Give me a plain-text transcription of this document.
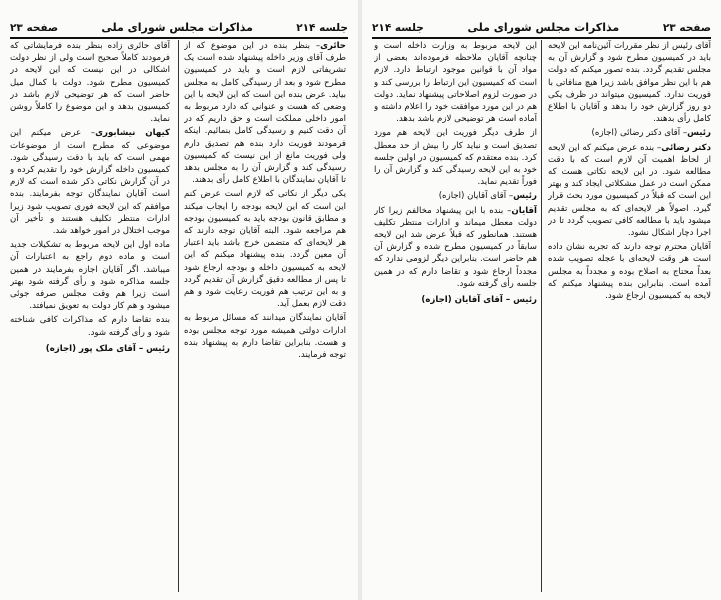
جلسه ۲۱۴
مذاکرات مجلس شورای ملی
صفحه ۲۳

حائری– بنظر بنده در این موضوع که از طرف آقای وزیر داخله پیشنهاد شده است یک تشریفاتی لازم است و باید در کمیسیون مطرح شود و بعد از رسیدگی کامل به مجلس بیاید. عرض بنده این است که این لایحه با این وضعی که هست و عنوانی که دارد مربوط به امور داخلی مملکت است و حق داریم که در آن دقت کنیم و رسیدگی کامل بنمائیم. اینکه فرمودند فوریت دارد بنده هم تصدیق دارم ولی فوریت مانع از این نیست که کمیسیون رسیدگی کند و گزارش آن را به مجلس بدهد تا آقایان نمایندگان با اطلاع کامل رأی بدهند.

یکی دیگر از نکاتی که لازم است عرض کنم این است که این لایحه بودجه را ایجاب میکند و مطابق قانون بودجه باید به کمیسیون بودجه هم مراجعه شود. البته آقایان توجه دارند که هر لایحه‌ای که متضمن خرج باشد باید اعتبار آن معین گردد. بنده پیشنهاد میکنم که این لایحه به کمیسیون داخله و بودجه ارجاع شود تا پس از مطالعه دقیق گزارش آن تقدیم گردد و به این ترتیب هم فوریت رعایت شود و هم دقت لازم بعمل آید.

آقایان نمایندگان میدانند که مسائل مربوط به ادارات دولتی همیشه مورد توجه مجلس بوده و هست. بنابراین تقاضا دارم به پیشنهاد بنده توجه فرمایند.

آقای حائری زاده بنظر بنده فرمایشاتی که فرمودند کاملاً صحیح است ولی از نظر دولت اشکالی در این نیست که این لایحه در کمیسیون مطرح شود. دولت با کمال میل حاضر است که هر توضیحی لازم باشد در کمیسیون بدهد و این موضوع را کاملاً روشن نماید.

کیهان نیشابوری– عرض میکنم این موضوعی که مطرح است از موضوعات مهمی است که باید با دقت رسیدگی شود. کمیسیون داخله گزارش خود را تقدیم کرده و در آن گزارش نکاتی ذکر شده است که لازم است آقایان نمایندگان توجه بفرمایند. بنده موافقم که این لایحه فوری تصویب شود زیرا ادارات منتظر تکلیف هستند و تأخیر آن موجب اختلال در امور خواهد شد.

ماده اول این لایحه مربوط به تشکیلات جدید است و ماده دوم راجع به اعتبارات آن میباشد. اگر آقایان اجازه بفرمایند در همین جلسه مذاکره شود و رأی گرفته شود بهتر است زیرا هم وقت مجلس صرفه جوئی میشود و هم کار دولت به تعویق نمیافتد.

بنده تقاضا دارم که مذاکرات کافی شناخته شود و رأی گرفته شود.

رئیس – آقای ملک پور (اجازه)
صفحه ۲۳
مذاکرات مجلس شورای ملی
جلسه ۲۱۴

آقای رئیس از نظر مقررات آئین‌نامه این لایحه باید در کمیسیون مطرح شود و گزارش آن به مجلس تقدیم گردد. بنده تصور میکنم که دولت هم با این نظر موافق باشد زیرا هیچ منافاتی با فوریت ندارد. کمیسیون میتواند در ظرف یکی دو روز گزارش خود را بدهد و آقایان با اطلاع کامل رأی بدهند.

رئیس– آقای دکتر رضائی (اجازه)

دکتر رضائی– بنده عرض میکنم که این لایحه از لحاظ اهمیت آن لازم است که با دقت مطالعه شود. در این لایحه نکاتی هست که ممکن است در عمل مشکلاتی ایجاد کند و بهتر این است که قبلاً در کمیسیون مورد بحث قرار گیرد. اصولاً هر لایحه‌ای که به مجلس تقدیم میشود باید با مطالعه کافی تصویب گردد تا در اجرا دچار اشکال نشود.

آقایان محترم توجه دارند که تجربه نشان داده است هر وقت لایحه‌ای با عجله تصویب شده بعداً محتاج به اصلاح بوده و مجدداً به مجلس آمده است. بنابراین بنده پیشنهاد میکنم که لایحه به کمیسیون ارجاع شود.

این لایحه مربوط به وزارت داخله است و چنانچه آقایان ملاحظه فرموده‌اند بعضی از مواد آن با قوانین موجود ارتباط دارد. لازم است که کمیسیون این ارتباط را بررسی کند و در صورت لزوم اصلاحاتی پیشنهاد نماید. دولت هم در این مورد موافقت خود را اعلام داشته و آماده است هر توضیحی لازم باشد بدهد.

از طرف دیگر فوریت این لایحه هم مورد تصدیق است و نباید کار را بیش از حد معطل کرد. بنده معتقدم که کمیسیون در اولین جلسه خود به این لایحه رسیدگی کند و گزارش آن را فوراً تقدیم نماید.

رئیس– آقای آقایان (اجازه)

آقایان– بنده با این پیشنهاد مخالفم زیرا کار دولت معطل میماند و ادارات منتظر تکلیف هستند. همانطور که قبلاً عرض شد این لایحه سابقاً در کمیسیون مطرح شده و گزارش آن هم حاضر است. بنابراین دیگر لزومی ندارد که مجدداً ارجاع شود و تقاضا دارم که در همین جلسه رأی گرفته شود.

رئیس – آقای آقایان (اجازه)
